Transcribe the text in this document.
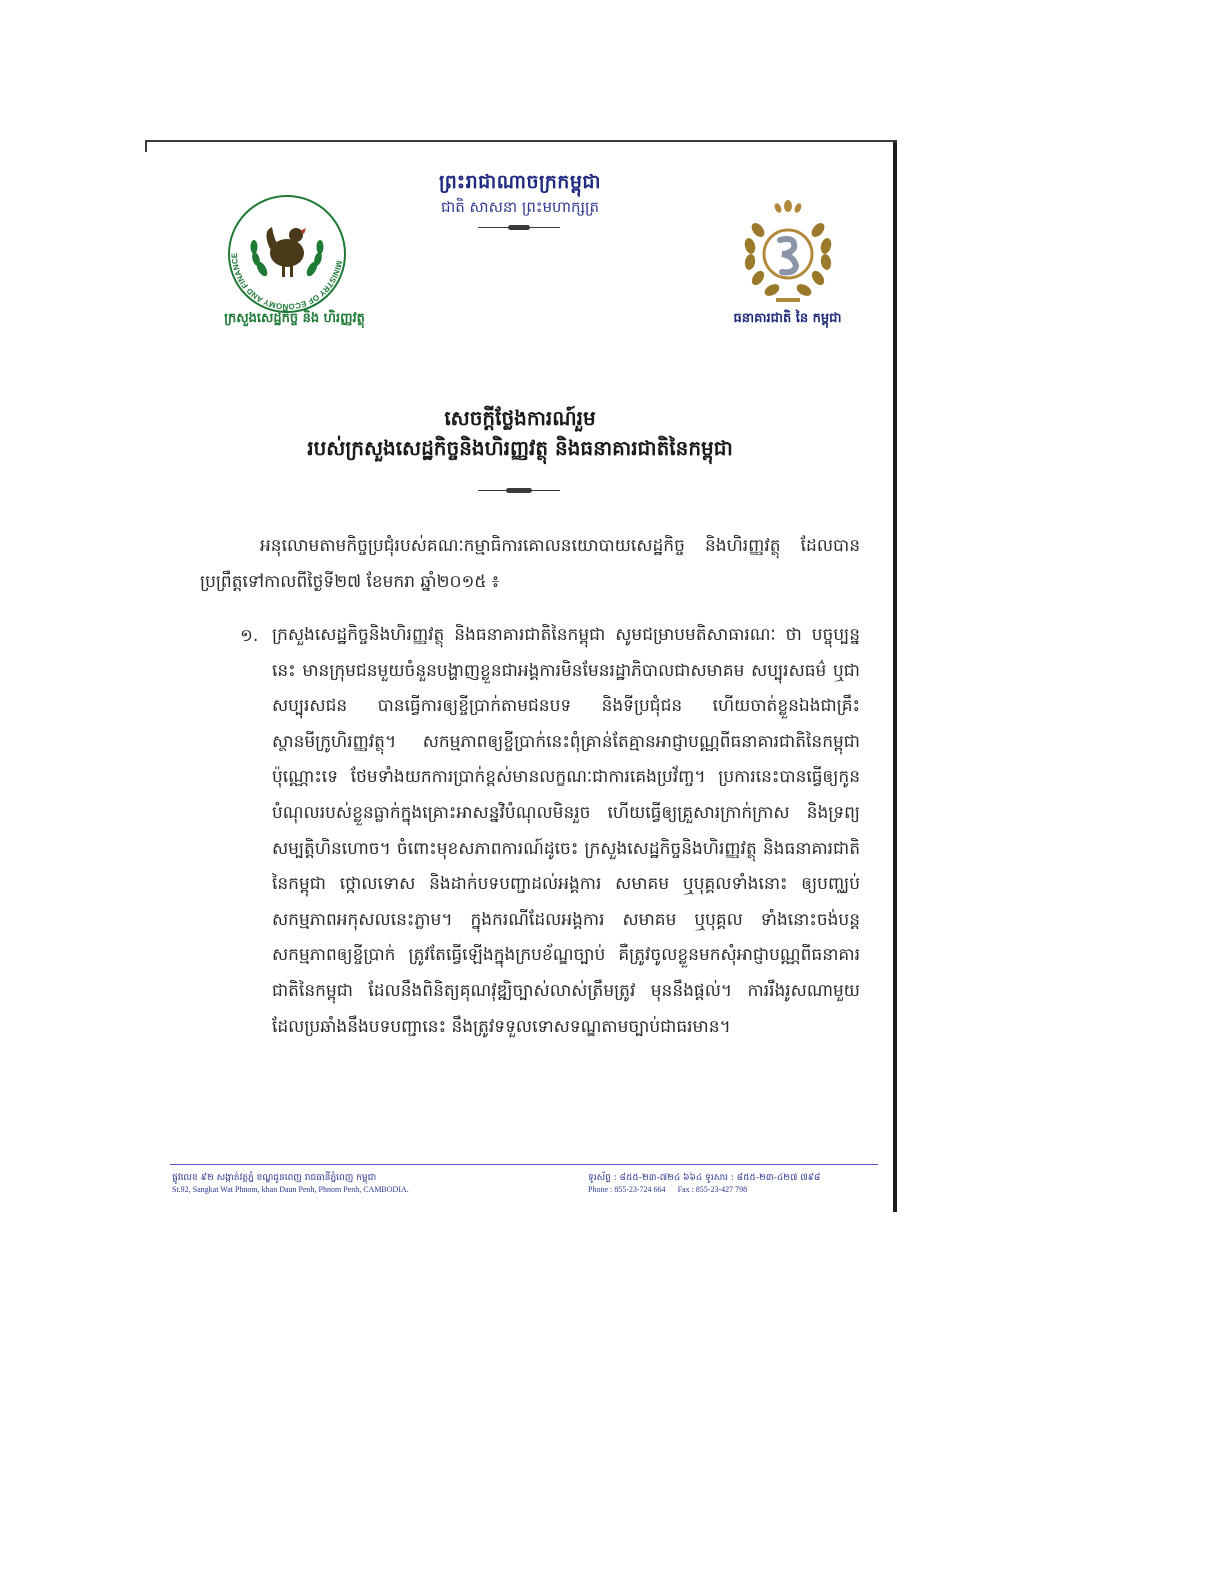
ព្រះរាជាណាចក្រកម្ពុជា
ជាតិ សាសនា ព្រះមហាក្សត្រ
MINISTRY OF ECONOMY AND FINANCE
ក្រសួងសេដ្ឋកិច្ច និង ហិរញ្ញវត្ថុ	ធនាគារជាតិ នៃ កម្ពុជា
សេចក្តីថ្លែងការណ៍រួម
របស់ក្រសួងសេដ្ឋកិច្ចនិងហិរញ្ញវត្ថុ និងធនាគារជាតិនៃកម្ពុជា
អនុលោមតាមកិច្ចប្រជុំរបស់គណៈកម្មាធិការគោលនយោបាយសេដ្ឋកិច្ច និងហិរញ្ញវត្ថុ ដែលបានប្រព្រឹត្តទៅកាលពីថ្ងៃទី២៧ ខែមករា ឆ្នាំ២០១៥ ៖
១. ក្រសួងសេដ្ឋកិច្ចនិងហិរញ្ញវត្ថុ និងធនាគារជាតិនៃកម្ពុជា សូមជម្រាបមតិសាធារណៈ ថា បច្ចុប្បន្ននេះ មានក្រុមជនមួយចំនួនបង្ហាញខ្លួនជាអង្គការមិនមែនរដ្ឋាភិបាលជាសមាគម សប្បុរសធម៌ ឬជាសប្បុរសជន បានធ្វើការឲ្យខ្ចីប្រាក់តាមជនបទ និងទីប្រជុំជន ហើយចាត់ខ្លួនឯងជាគ្រឹះស្ថានមីក្រូហិរញ្ញវត្ថុ។ សកម្មភាពឲ្យខ្ចីប្រាក់នេះពុំគ្រាន់តែគ្មានអាជ្ញាបណ្ណពីធនាគារជាតិនៃកម្ពុជាប៉ុណ្ណោះទេ ថែមទាំងយកការប្រាក់ខ្ពស់មានលក្ខណៈជាការគេងប្រវ័ញ្ច។ ប្រការនេះបានធ្វើឲ្យកូនបំណុលរបស់ខ្លួនធ្លាក់ក្នុងគ្រោះអាសន្នវិបំណុលមិនរួច ហើយធ្វើឲ្យគ្រួសារក្រាក់ក្រាស និងទ្រព្យសម្បត្តិហិនហោច។ ចំពោះមុខសភាពការណ៍ដូចេះ ក្រសួងសេដ្ឋកិច្ចនិងហិរញ្ញវត្ថុ និងធនាគារជាតិនៃកម្ពុជា ថ្កោលទោស និងដាក់បទបញ្ជាដល់អង្គការ សមាគម ឬបុគ្គលទាំងនោះ ឲ្យបញ្ឈប់សកម្មភាពអកុសលនេះភ្លាម។ ក្នុងករណីដែលអង្គការ សមាគម ឬបុគ្គល ទាំងនោះចង់បន្តសកម្មភាពឲ្យខ្ចីប្រាក់ ត្រូវតែធ្វើឡើងក្នុងក្របខ័ណ្ឌច្បាប់ គឺត្រូវចូលខ្លួនមកសុំអាជ្ញាបណ្ណពីធនាគារជាតិនៃកម្ពុជា ដែលនឹងពិនិត្យគុណវុឌ្ឍិច្បាស់លាស់ត្រឹមត្រូវ មុននឹងផ្តល់។ ការរឹងរូសណាមួយដែលប្រឆាំងនឹងបទបញ្ជានេះ នឹងត្រូវទទួលទោសទណ្ឌតាមច្បាប់ជាធរមាន។
ផ្លូវលេខ ៩២ សង្កាត់វត្តភ្នំ ខណ្ឌដូនពេញ រាជធានីភ្នំពេញ កម្ពុជា
St.92, Sangkat Wat Phnom, khan Daun Penh, Phnom Penh, CAMBODIA.
ទូរស័ព្ទ : ៨៥៥-២៣-៧២៤ ៦៦៤ ទូរសារ : ៨៥៥-២៣-៤២៧ ៧៩៨
Phone : 855-23-724 664 Fax : 855-23-427 798
